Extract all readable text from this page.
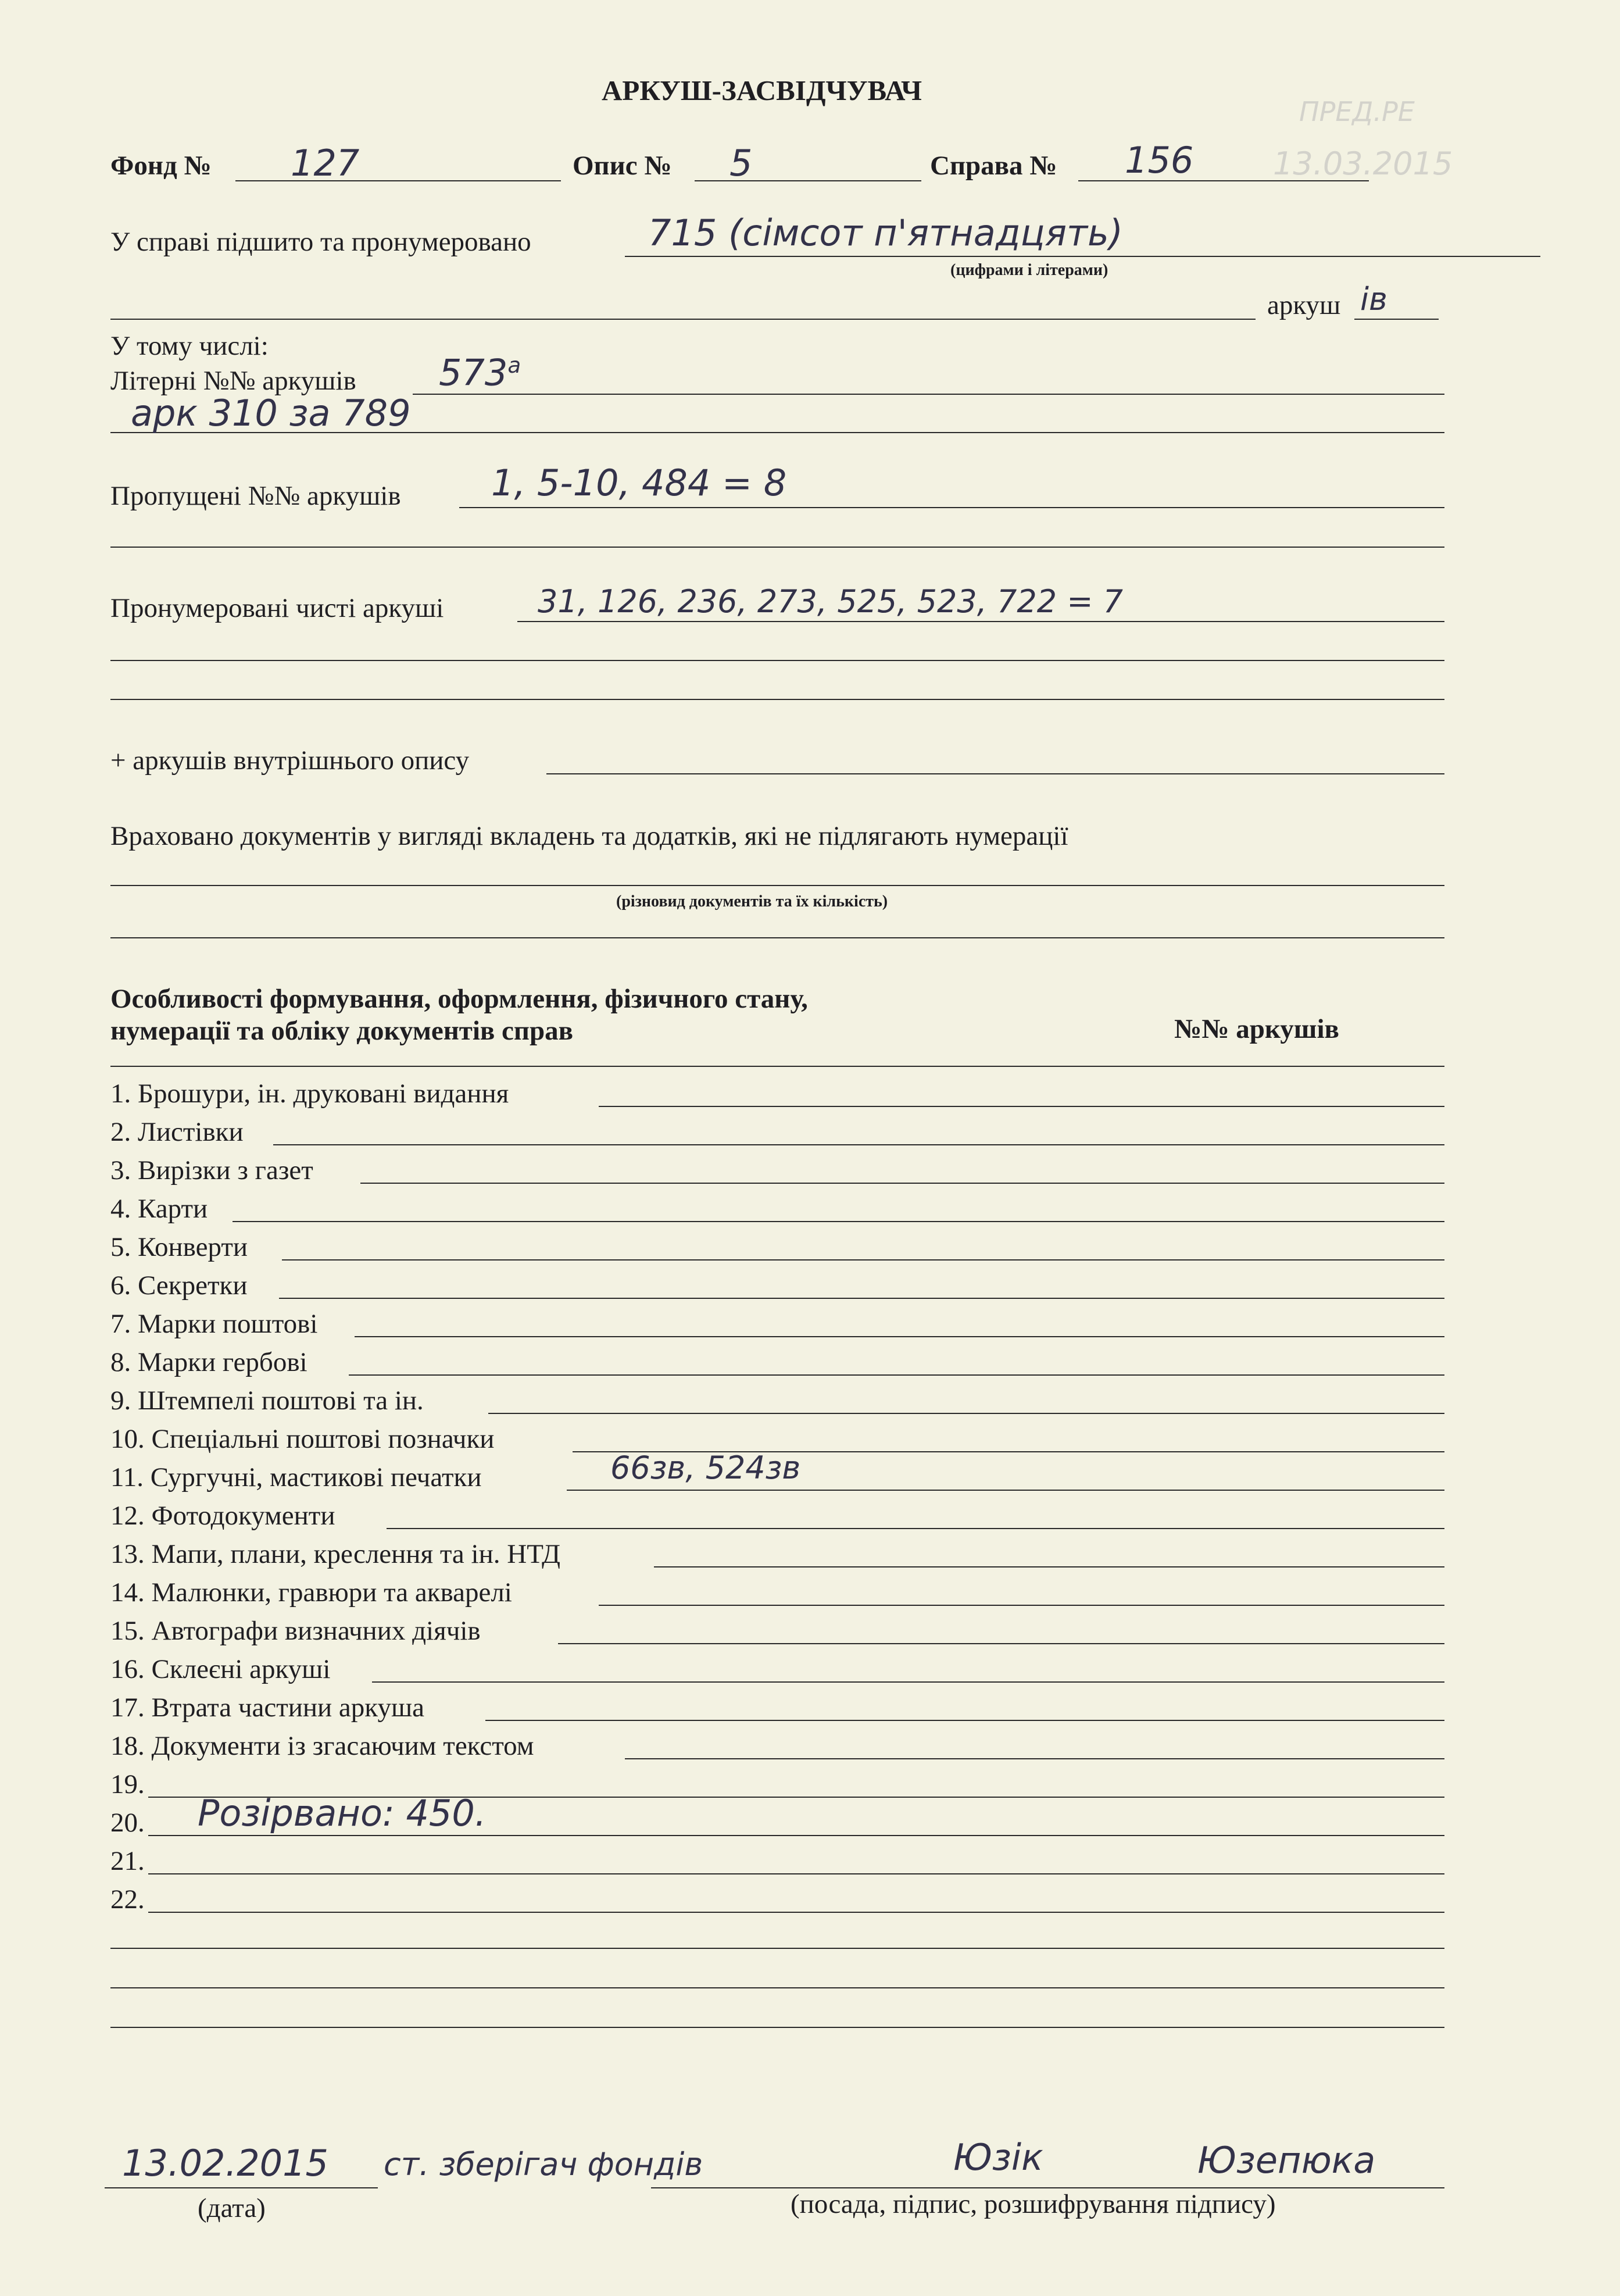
ПРЕД.РЕ
13.03.2015
АРКУШ-ЗАСВІДЧУВАЧ
Фонд № 127	Опис № 5	Справа № 156
У справі підшито та пронумеровано	715 (сімсот п'ятнадцять)
(цифрами і літерами)
аркуш ів
У тому числі:
Літерні №№ аркушів $573^а$
арк 310 за 789
Пропущені №№ аркушів	1, 5-10, 484 = 8
Пронумеровані чисті аркуші	31, 126, 236, 273, 525, 523, 722 = 7
+ аркушів внутрішнього опису
Враховано документів у вигляді вкладень та додатків, які не підлягають нумерації
(різновид документів та їх кількість)
Особливості формування, оформлення, фізичного стану,
нумерації та обліку документів справ	№№ аркушів
1. Брошури, ін. друковані видання
2. Листівки
3. Вирізки з газет
4. Карти
5. Конверти
6. Секретки
7. Марки поштові
8. Марки гербові
9. Штемпелі поштові та ін.
10. Спеціальні поштові позначки
11. Сургучні, мастикові печатки	66зв, 524зв
12. Фотодокументи
13. Мапи, плани, креслення та ін. НТД
14. Малюнки, гравюри та акварелі
15. Автографи визначних діячів
16. Склеєні аркуші
17. Втрата частини аркуша
18. Документи із згасаючим текстом
19.
20. Розірвано: 450.
21.
22.
13.02.2015 ст. зберігач фондів	Юзік	Юзепюка
(дата)	(посада, підпис, розшифрування підпису)
